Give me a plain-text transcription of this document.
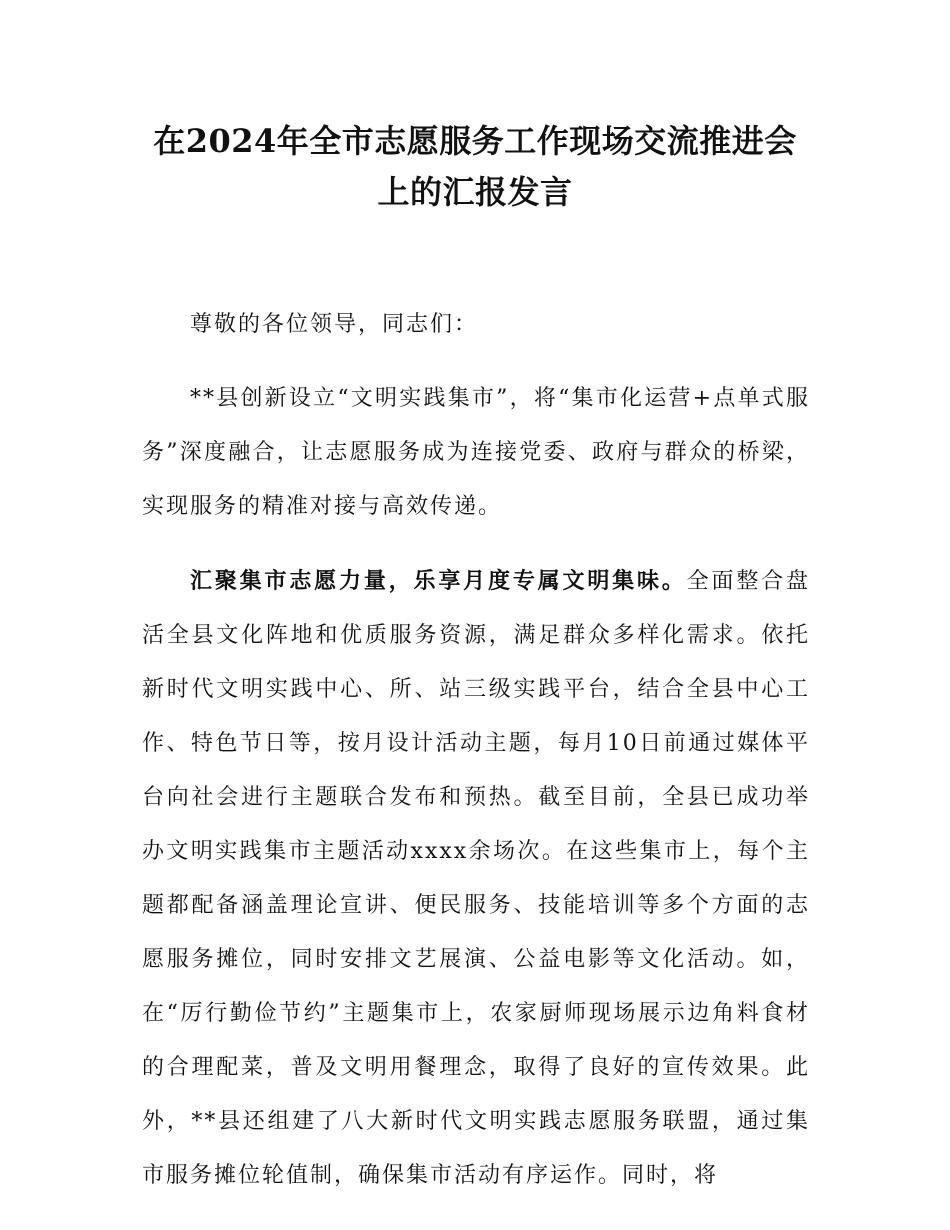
在2024年全市志愿服务工作现场交流推进会
上的汇报发言

尊敬的各位领导，同志们：

**县创新设立“文明实践集市”，将“集市化运营+点单式服务”深度融合，让志愿服务成为连接党委、政府与群众的桥梁，实现服务的精准对接与高效传递。

汇聚集市志愿力量，乐享月度专属文明集味。全面整合盘活全县文化阵地和优质服务资源，满足群众多样化需求。依托新时代文明实践中心、所、站三级实践平台，结合全县中心工作、特色节日等，按月设计活动主题，每月10日前通过媒体平台向社会进行主题联合发布和预热。截至目前，全县已成功举办文明实践集市主题活动xxxx余场次。在这些集市上，每个主题都配备涵盖理论宣讲、便民服务、技能培训等多个方面的志愿服务摊位，同时安排文艺展演、公益电影等文化活动。如，在“厉行勤俭节约”主题集市上，农家厨师现场展示边角料食材的合理配菜，普及文明用餐理念，取得了良好的宣传效果。此外，**县还组建了八大新时代文明实践志愿服务联盟，通过集市服务摊位轮值制，确保集市活动有序运作。同时，将
